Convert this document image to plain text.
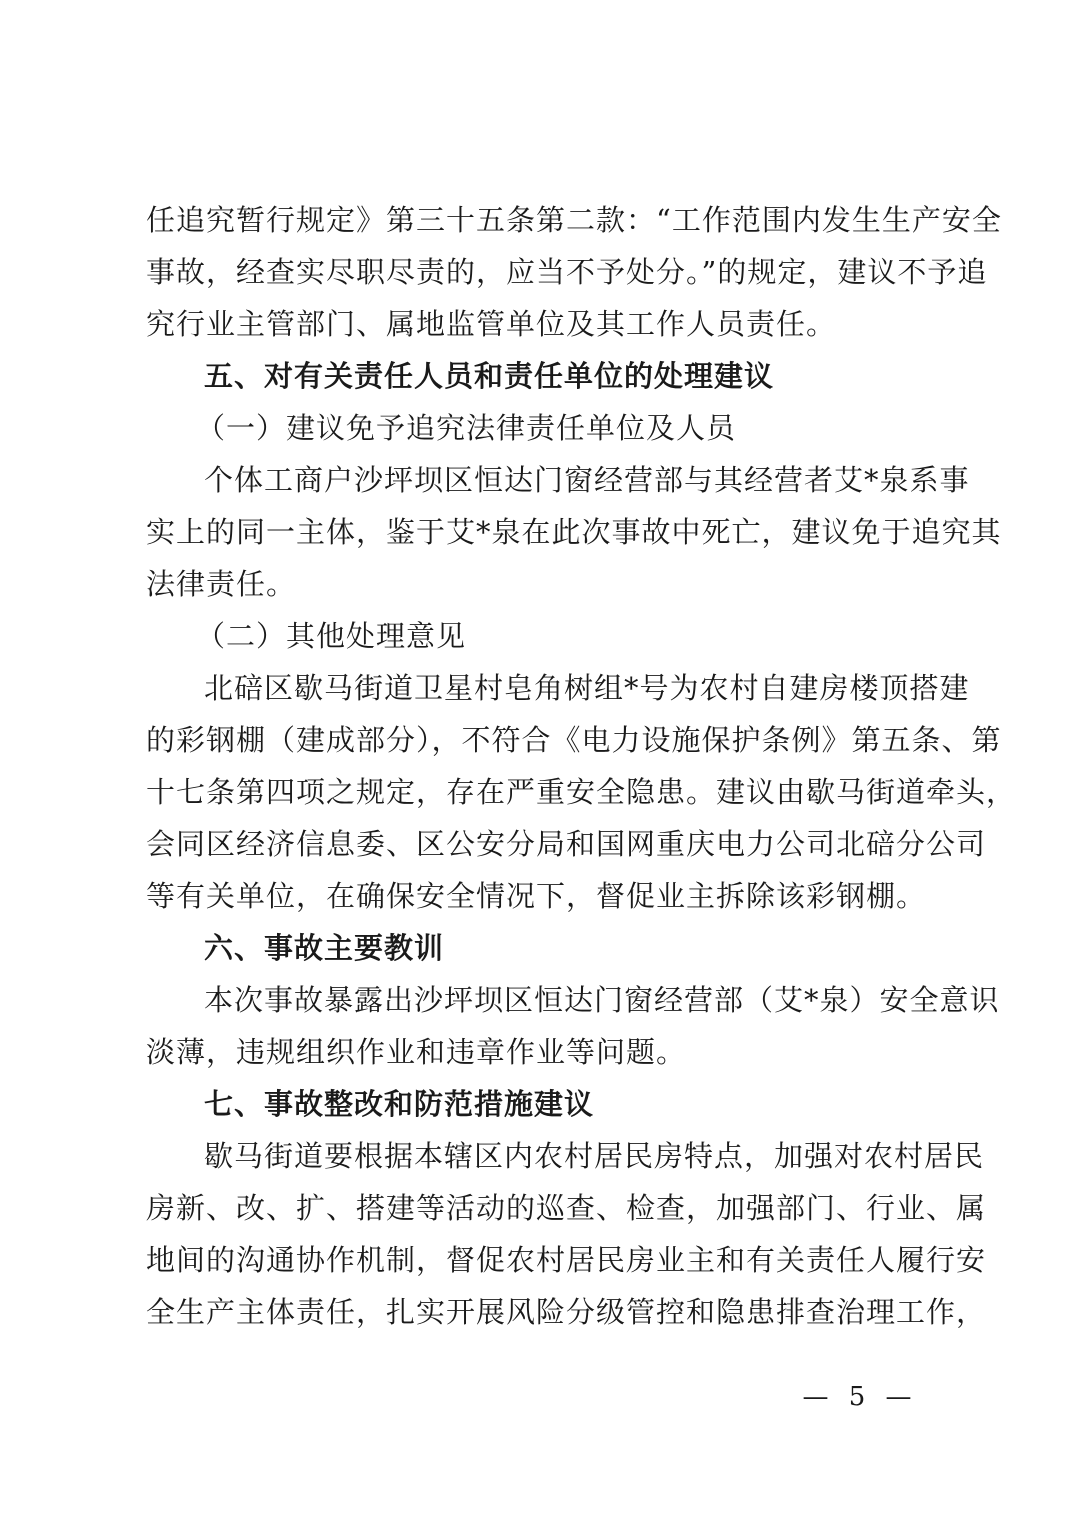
任追究暂行规定》第三十五条第二款：“工作范围内发生生产安全
事故，经查实尽职尽责的，应当不予处分。”的规定，建议不予追
究行业主管部门、属地监管单位及其工作人员责任。
五、对有关责任人员和责任单位的处理建议
（一）建议免予追究法律责任单位及人员
个体工商户沙坪坝区恒达门窗经营部与其经营者艾*泉系事
实上的同一主体，鉴于艾*泉在此次事故中死亡，建议免于追究其
法律责任。
（二）其他处理意见
北碚区歇马街道卫星村皂角树组*号为农村自建房楼顶搭建
的彩钢棚（建成部分），不符合《电力设施保护条例》第五条、第
十七条第四项之规定，存在严重安全隐患。建议由歇马街道牵头，
会同区经济信息委、区公安分局和国网重庆电力公司北碚分公司
等有关单位，在确保安全情况下，督促业主拆除该彩钢棚。
六、事故主要教训
本次事故暴露出沙坪坝区恒达门窗经营部（艾*泉）安全意识
淡薄，违规组织作业和违章作业等问题。
七、事故整改和防范措施建议
歇马街道要根据本辖区内农村居民房特点，加强对农村居民
房新、改、扩、搭建等活动的巡查、检查，加强部门、行业、属
地间的沟通协作机制，督促农村居民房业主和有关责任人履行安
全生产主体责任，扎实开展风险分级管控和隐患排查治理工作，
— 5 —
